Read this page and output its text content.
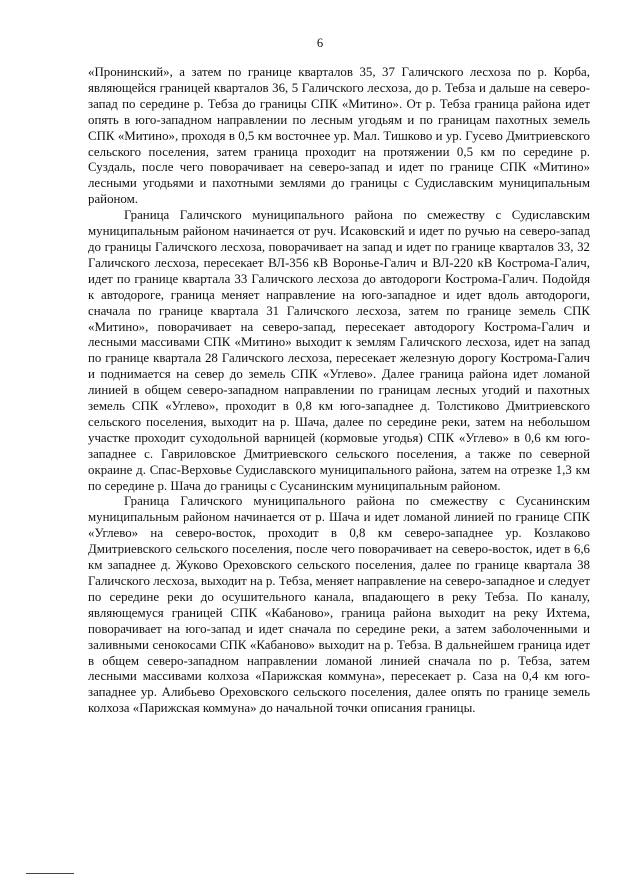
6

«Пронинский», а затем по границе кварталов 35, 37 Галичского лесхоза по р. Корба, являющейся границей кварталов 36, 5 Галичского лесхоза, до р. Тебза и дальше на северо-запад по середине р. Тебза до границы СПК «Митино». От р. Тебза граница района идет опять в юго-западном направлении по лесным угодьям и по границам пахотных земель СПК «Митино», проходя в 0,5 км восточнее ур. Мал. Тишково и ур. Гусево Дмитриевского сельского поселения, затем граница проходит на протяжении 0,5 км по середине р. Суздаль, после чего поворачивает на северо-запад и идет по границе СПК «Митино» лесными угодьями и пахотными землями до границы с Судиславским муниципальным районом.

Граница Галичского муниципального района по смежеству с Судиславским муниципальным районом начинается от руч. Исаковский и идет по ручью на северо-запад до границы Галичского лесхоза, поворачивает на запад и идет по границе кварталов 33, 32 Галичского лесхоза, пересекает ВЛ-356 кВ Воронье-Галич и ВЛ-220 кВ Кострома-Галич, идет по границе квартала 33 Галичского лесхоза до автодороги Кострома-Галич. Подойдя к автодороге, граница меняет направление на юго-западное и идет вдоль автодороги, сначала по границе квартала 31 Галичского лесхоза, затем по границе земель СПК «Митино», поворачивает на северо-запад, пересекает автодорогу Кострома-Галич и лесными массивами СПК «Митино» выходит к землям Галичского лесхоза, идет на запад по границе квартала 28 Галичского лесхоза, пересекает железную дорогу Кострома-Галич и поднимается на север до земель СПК «Углево». Далее граница района идет ломаной линией в общем северо-западном направлении по границам лесных угодий и пахотных земель СПК «Углево», проходит в 0,8 км юго-западнее д. Толстиково Дмитриевского сельского поселения, выходит на р. Шача, далее по середине реки, затем на небольшом участке проходит суходольной варницей (кормовые угодья) СПК «Углево» в 0,6 км юго-западнее с. Гавриловское Дмитриевского сельского поселения, а также по северной окраине д. Спас-Верховье Судиславского муниципального района, затем на отрезке 1,3 км по середине р. Шача до границы с Сусанинским муниципальным районом.

Граница Галичского муниципального района по смежеству с Сусанинским муниципальным районом начинается от р. Шача и идет ломаной линией по границе СПК «Углево» на северо-восток, проходит в 0,8 км северо-западнее ур. Козлаково Дмитриевского сельского поселения, после чего поворачивает на северо-восток, идет в 6,6 км западнее д. Жуково Ореховского сельского поселения, далее по границе квартала 38 Галичского лесхоза, выходит на р. Тебза, меняет направление на северо-западное и следует по середине реки до осушительного канала, впадающего в реку Тебза. По каналу, являющемуся границей СПК «Кабаново», граница района выходит на реку Ихтема, поворачивает на юго-запад и идет сначала по середине реки, а затем заболоченными и заливными сенокосами СПК «Кабаново» выходит на р. Тебза. В дальнейшем граница идет в общем северо-западном направлении ломаной линией сначала по р. Тебза, затем лесными массивами колхоза «Парижская коммуна», пересекает р. Саза на 0,4 км юго-западнее ур. Алибьево Ореховского сельского поселения, далее опять по границе земель колхоза «Парижская коммуна» до начальной точки описания границы.
